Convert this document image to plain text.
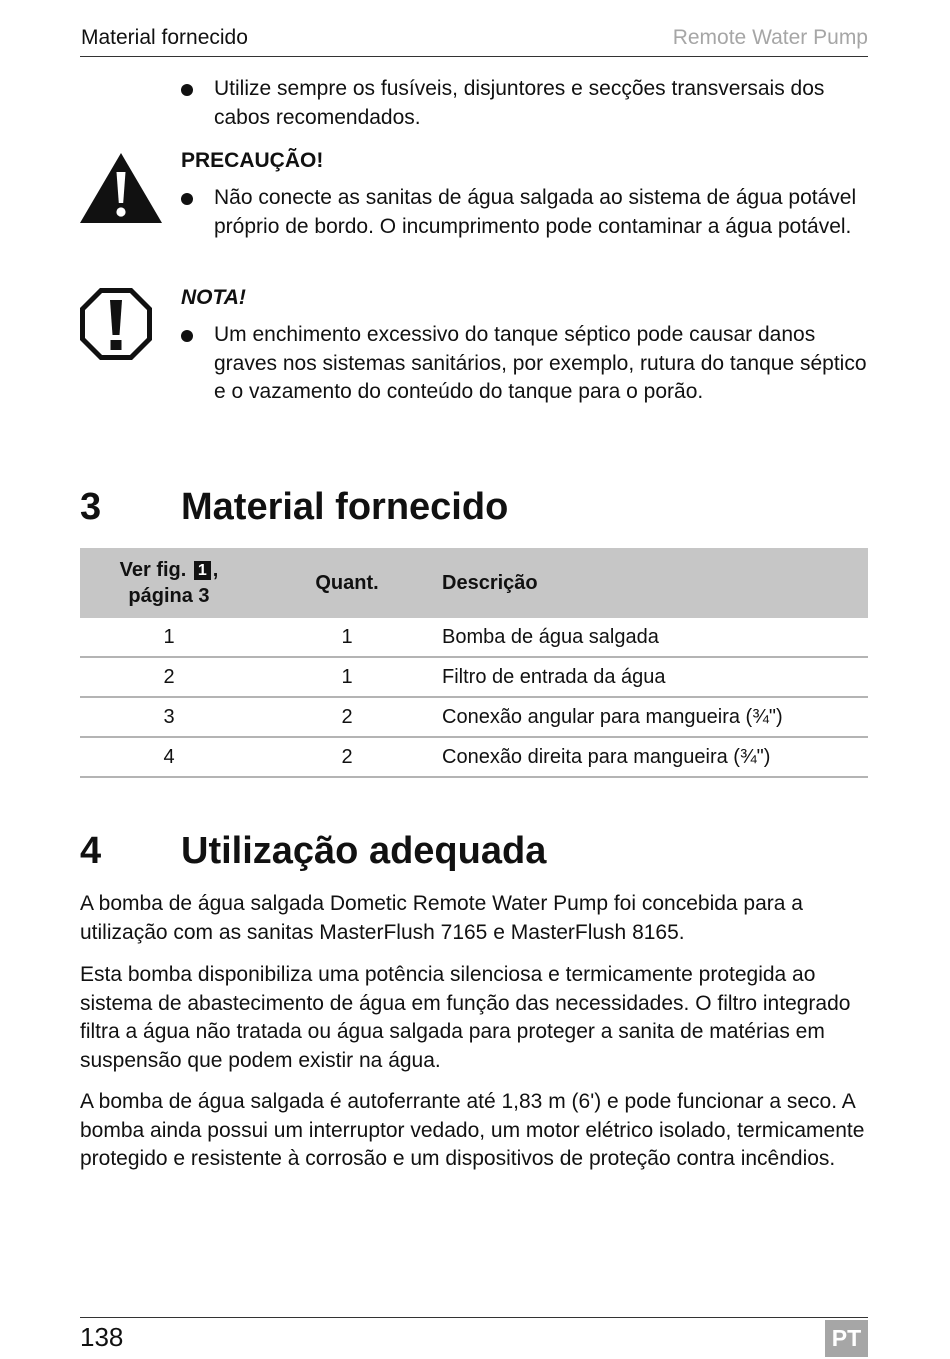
Material fornecido	Remote Water Pump
Utilize sempre os fusíveis, disjuntores e secções transversais dos cabos recomendados.
PRECAUÇÃO!
Não conecte as sanitas de água salgada ao sistema de água potável próprio de bordo. O incumprimento pode contaminar a água potável.
NOTA!
Um enchimento excessivo do tanque séptico pode causar danos graves nos sistemas sanitários, por exemplo, rutura do tanque séptico e o vazamento do conteúdo do tanque para o porão.
3 Material fornecido
Ver fig. 1 ,
página 3	Quant.	Descrição
1	1	Bomba de água salgada
2	1	Filtro de entrada da água
3	2	Conexão angular para mangueira (¾")
4	2	Conexão direita para mangueira (¾")
4 Utilização adequada

A bomba de água salgada Dometic Remote Water Pump foi concebida para a utilização com as sanitas MasterFlush 7165 e MasterFlush 8165.

Esta bomba disponibiliza uma potência silenciosa e termicamente protegida ao sistema de abastecimento de água em função das necessidades. O filtro integrado filtra a água não tratada ou água salgada para proteger a sanita de matérias em suspensão que podem existir na água.

A bomba de água salgada é autoferrante até 1,83 m (6') e pode funcionar a seco. A bomba ainda possui um interruptor vedado, um motor elétrico isolado, termicamente protegido e resistente à corrosão e um dispositivos de proteção contra incêndios.

138	PT
